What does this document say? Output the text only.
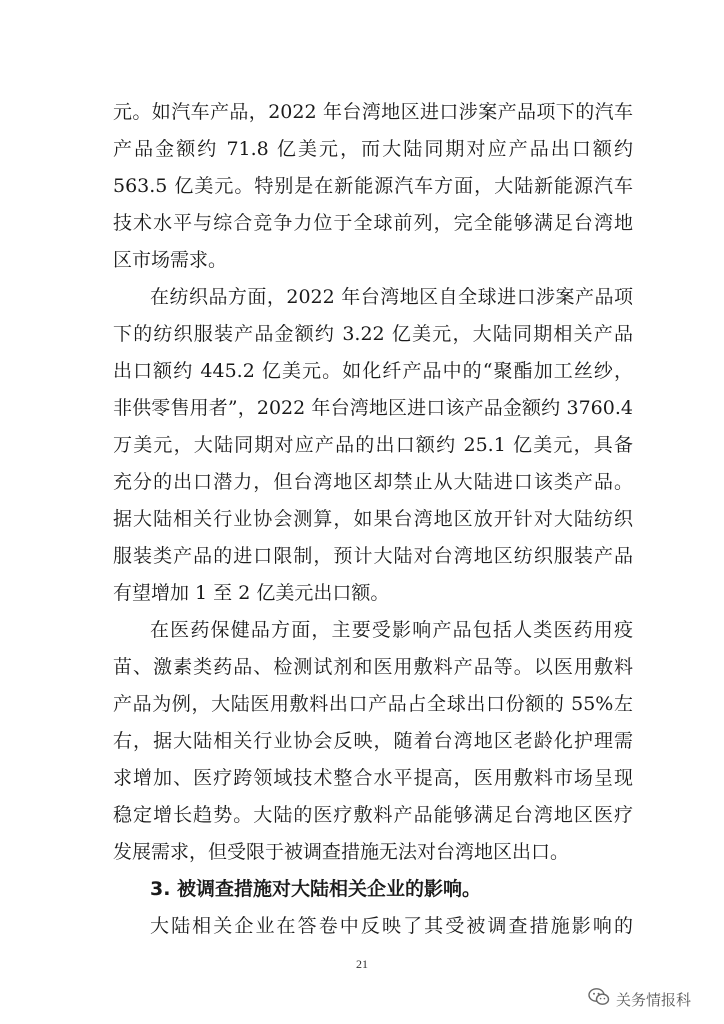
元。如汽车产品，2022 年台湾地区进口涉案产品项下的汽车
产品金额约 71.8 亿美元，而大陆同期对应产品出口额约
563.5 亿美元。特别是在新能源汽车方面，大陆新能源汽车
技术水平与综合竞争力位于全球前列，完全能够满足台湾地
区市场需求。
在纺织品方面，2022 年台湾地区自全球进口涉案产品项
下的纺织服装产品金额约 3.22 亿美元，大陆同期相关产品
出口额约 445.2 亿美元。如化纤产品中的“聚酯加工丝纱，
非供零售用者”，2022 年台湾地区进口该产品金额约 3760.4
万美元，大陆同期对应产品的出口额约 25.1 亿美元，具备
充分的出口潜力，但台湾地区却禁止从大陆进口该类产品。
据大陆相关行业协会测算，如果台湾地区放开针对大陆纺织
服装类产品的进口限制，预计大陆对台湾地区纺织服装产品
有望增加 1 至 2 亿美元出口额。
在医药保健品方面，主要受影响产品包括人类医药用疫
苗、激素类药品、检测试剂和医用敷料产品等。以医用敷料
产品为例，大陆医用敷料出口产品占全球出口份额的 55%左
右，据大陆相关行业协会反映，随着台湾地区老龄化护理需
求增加、医疗跨领域技术整合水平提高，医用敷料市场呈现
稳定增长趋势。大陆的医疗敷料产品能够满足台湾地区医疗
发展需求，但受限于被调查措施无法对台湾地区出口。
3. 被调查措施对大陆相关企业的影响。
大陆相关企业在答卷中反映了其受被调查措施影响的
21
关务情报科
